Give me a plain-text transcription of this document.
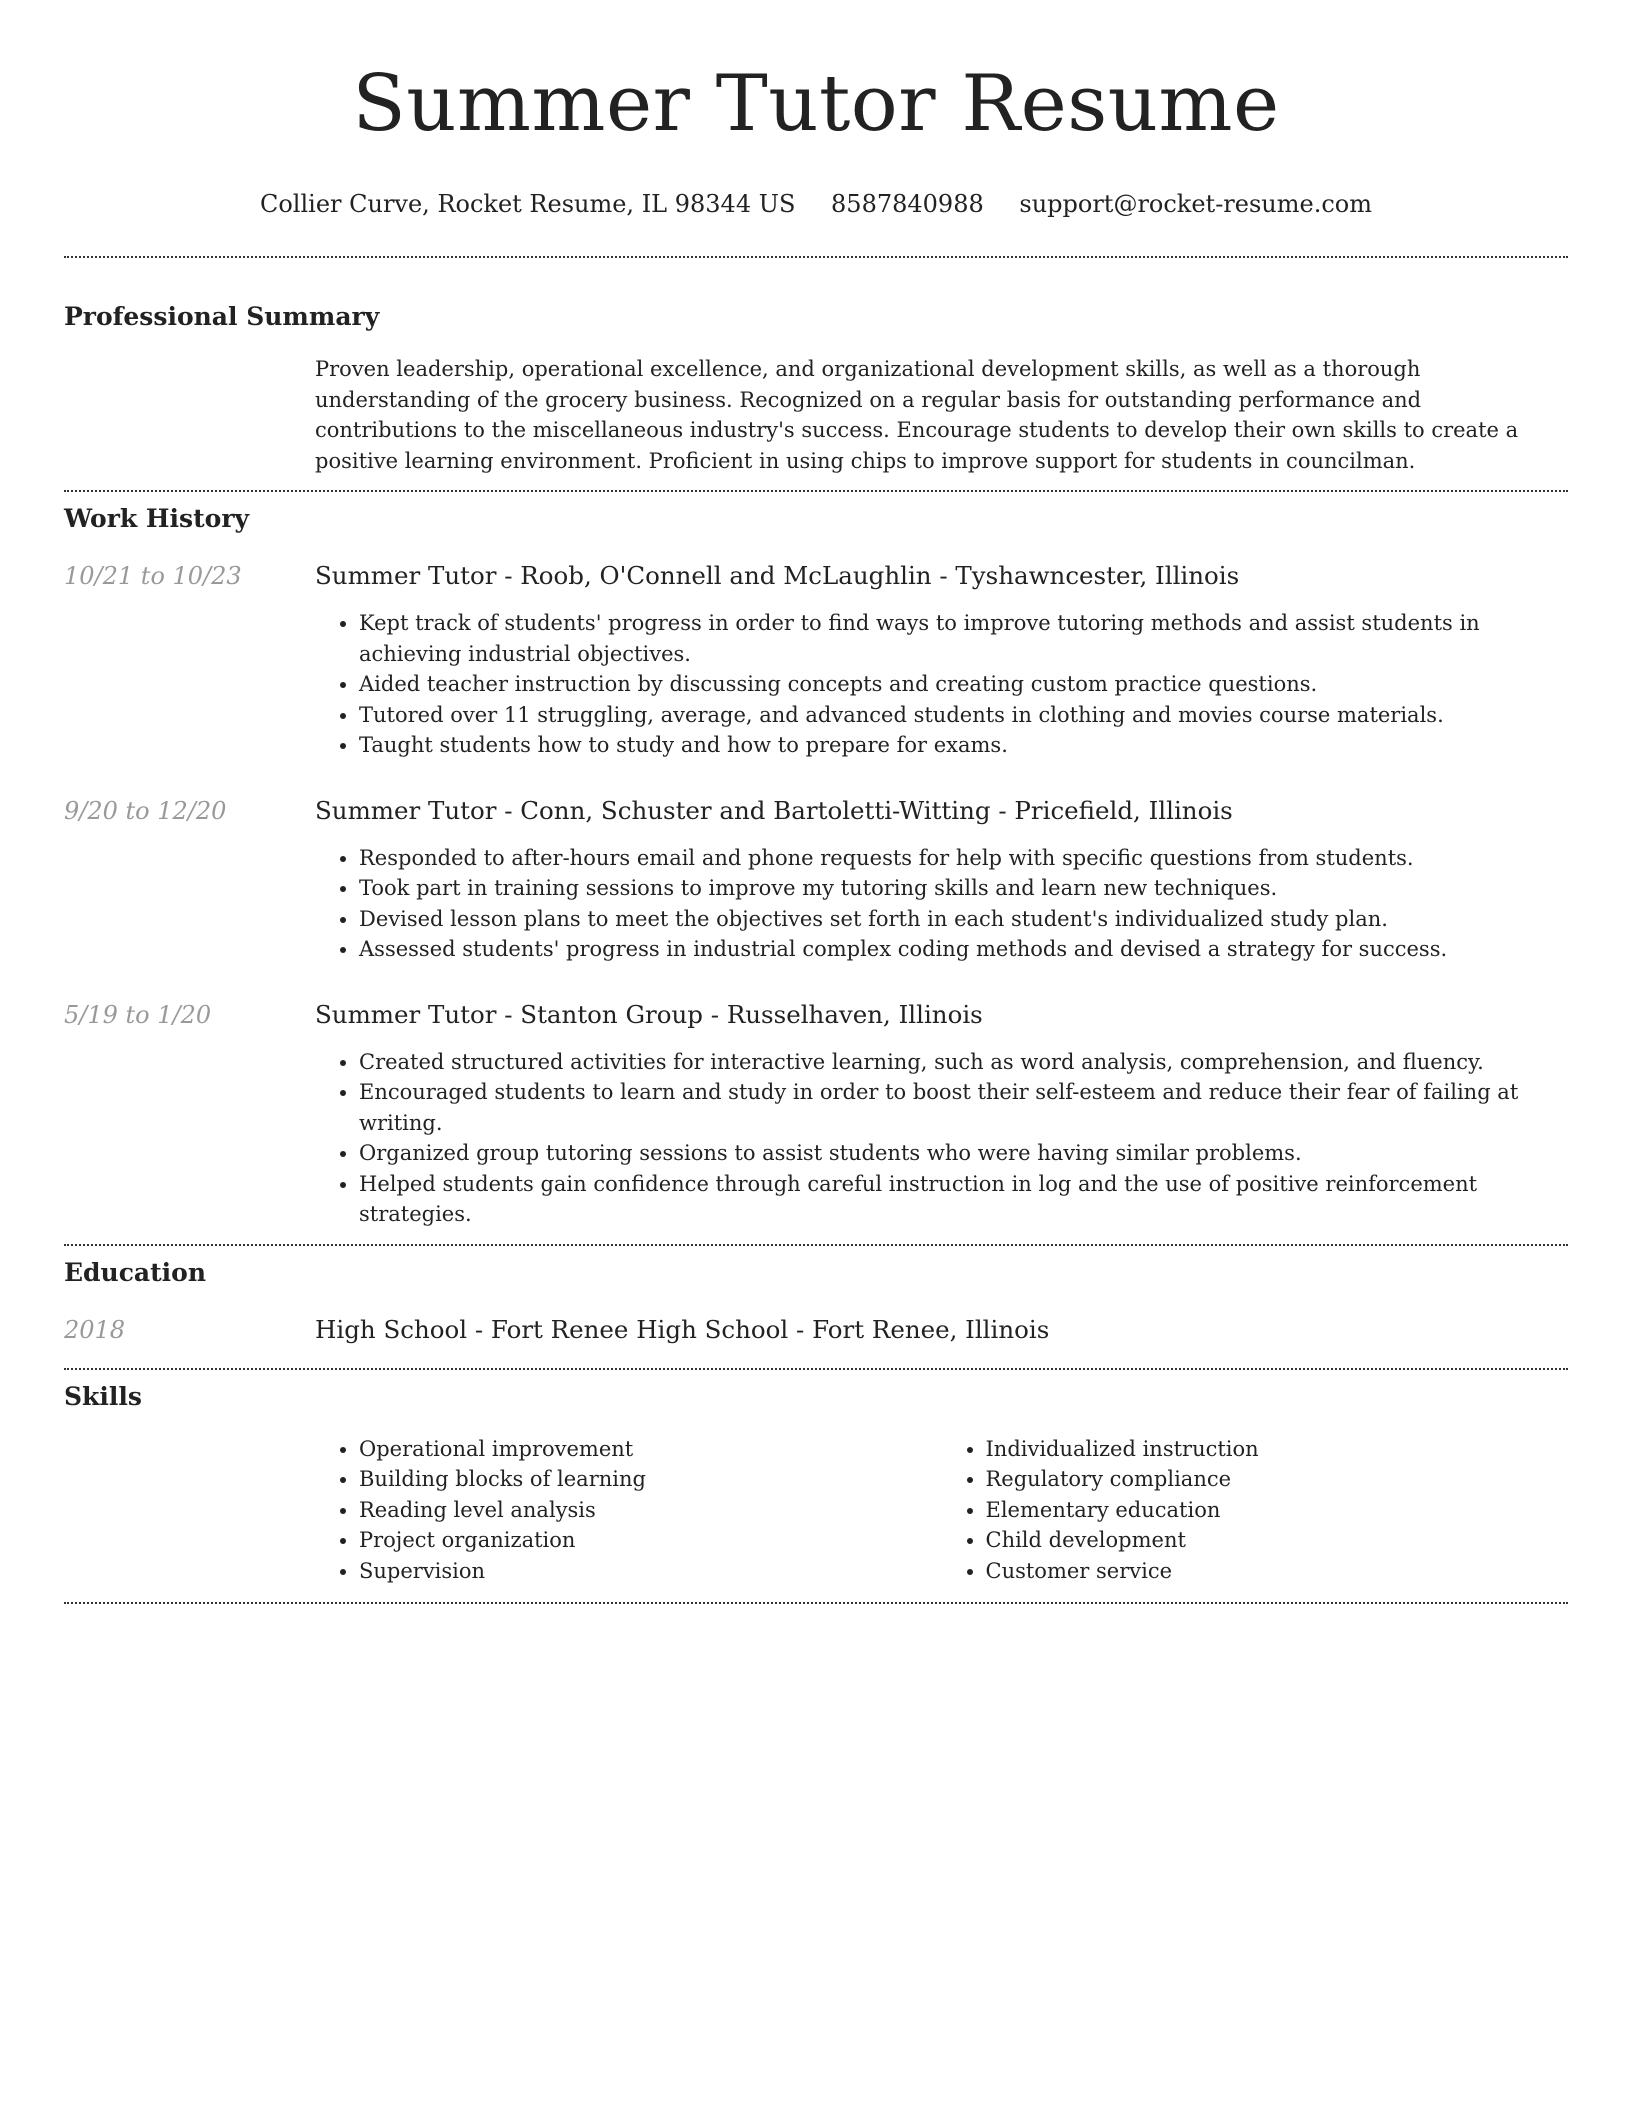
Summer Tutor Resume
Collier Curve, Rocket Resume, IL 98344 US 8587840988 support@rocket-resume.com
Professional Summary

Proven leadership, operational excellence, and organizational development skills, as well as a thorough understanding of the grocery business. Recognized on a regular basis for outstanding performance and contributions to the miscellaneous industry's success. Encourage students to develop their own skills to create a positive learning environment. Proficient in using chips to improve support for students in councilman.

Work History
10/21 to 10/23	Summer Tutor - Roob, O'Connell and McLaughlin - Tyshawncester, Illinois
• Kept track of students' progress in order to find ways to improve tutoring methods and assist students in achieving industrial objectives.
• Aided teacher instruction by discussing concepts and creating custom practice questions.
• Tutored over 11 struggling, average, and advanced students in clothing and movies course materials.
• Taught students how to study and how to prepare for exams.
9/20 to 12/20	Summer Tutor - Conn, Schuster and Bartoletti-Witting - Pricefield, Illinois
• Responded to after-hours email and phone requests for help with specific questions from students.
• Took part in training sessions to improve my tutoring skills and learn new techniques.
• Devised lesson plans to meet the objectives set forth in each student's individualized study plan.
• Assessed students' progress in industrial complex coding methods and devised a strategy for success.
5/19 to 1/20	Summer Tutor - Stanton Group - Russelhaven, Illinois
• Created structured activities for interactive learning, such as word analysis, comprehension, and fluency.
• Encouraged students to learn and study in order to boost their self-esteem and reduce their fear of failing at writing.
• Organized group tutoring sessions to assist students who were having similar problems.
• Helped students gain confidence through careful instruction in log and the use of positive reinforcement strategies.
Education
2018	High School - Fort Renee High School - Fort Renee, Illinois
Skills
• Operational improvement
• Building blocks of learning
• Reading level analysis
• Project organization
• Supervision
• Individualized instruction
• Regulatory compliance
• Elementary education
• Child development
• Customer service
